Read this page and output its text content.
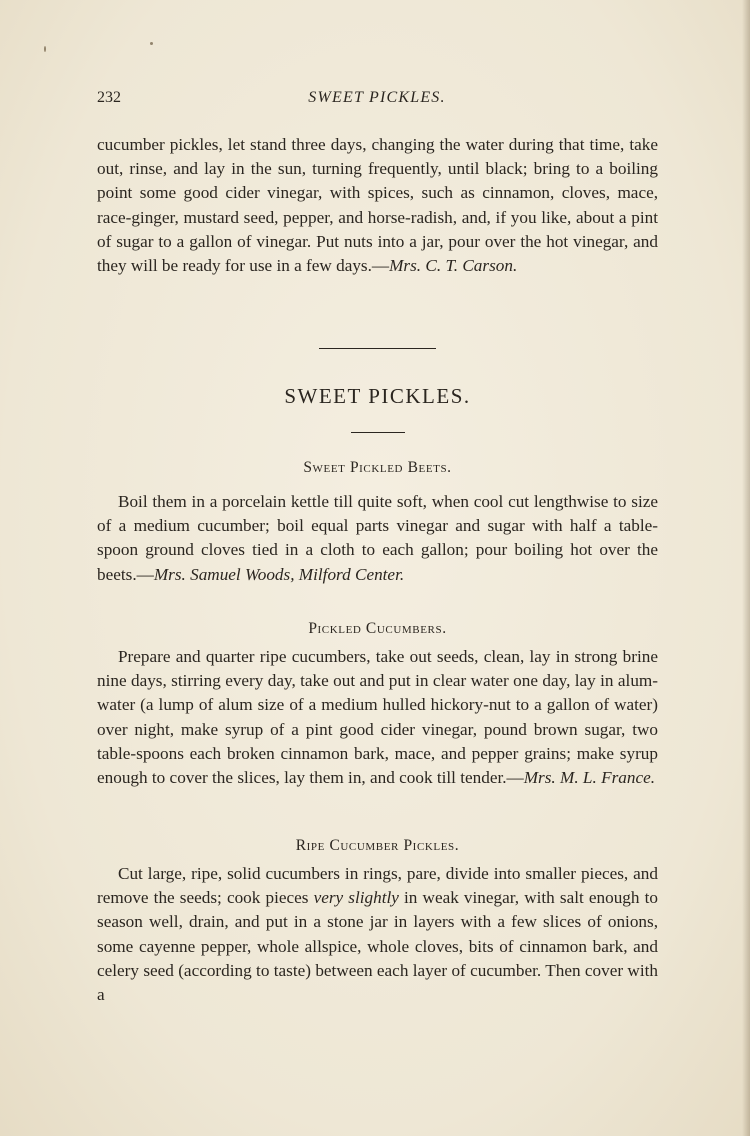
232	SWEET PICKLES.

cucumber pickles, let stand three days, changing the water during that time, take out, rinse, and lay in the sun, turning frequently, until black; bring to a boiling point some good cider vinegar, with spices, such as cinnamon, cloves, mace, race-ginger, mustard seed, pepper, and horse-radish, and, if you like, about a pint of sugar to a gallon of vinegar. Put nuts into a jar, pour over the hot vinegar, and they will be ready for use in a few days.—Mrs. C. T. Carson.

SWEET PICKLES.
Sweet Pickled Beets.

Boil them in a porcelain kettle till quite soft, when cool cut lengthwise to size of a medium cucumber; boil equal parts vinegar and sugar with half a table-spoon ground cloves tied in a cloth to each gallon; pour boiling hot over the beets.—Mrs. Samuel Woods, Milford Center.

Pickled Cucumbers.

Prepare and quarter ripe cucumbers, take out seeds, clean, lay in strong brine nine days, stirring every day, take out and put in clear water one day, lay in alum-water (a lump of alum size of a medium hulled hickory-nut to a gallon of water) over night, make syrup of a pint good cider vinegar, pound brown sugar, two table-spoons each broken cinnamon bark, mace, and pepper grains; make syrup enough to cover the slices, lay them in, and cook till tender.—Mrs. M. L. France.

Ripe Cucumber Pickles.

Cut large, ripe, solid cucumbers in rings, pare, divide into smaller pieces, and remove the seeds; cook pieces very slightly in weak vinegar, with salt enough to season well, drain, and put in a stone jar in layers with a few slices of onions, some cayenne pepper, whole allspice, whole cloves, bits of cinnamon bark, and celery seed (according to taste) between each layer of cucumber. Then cover with a
